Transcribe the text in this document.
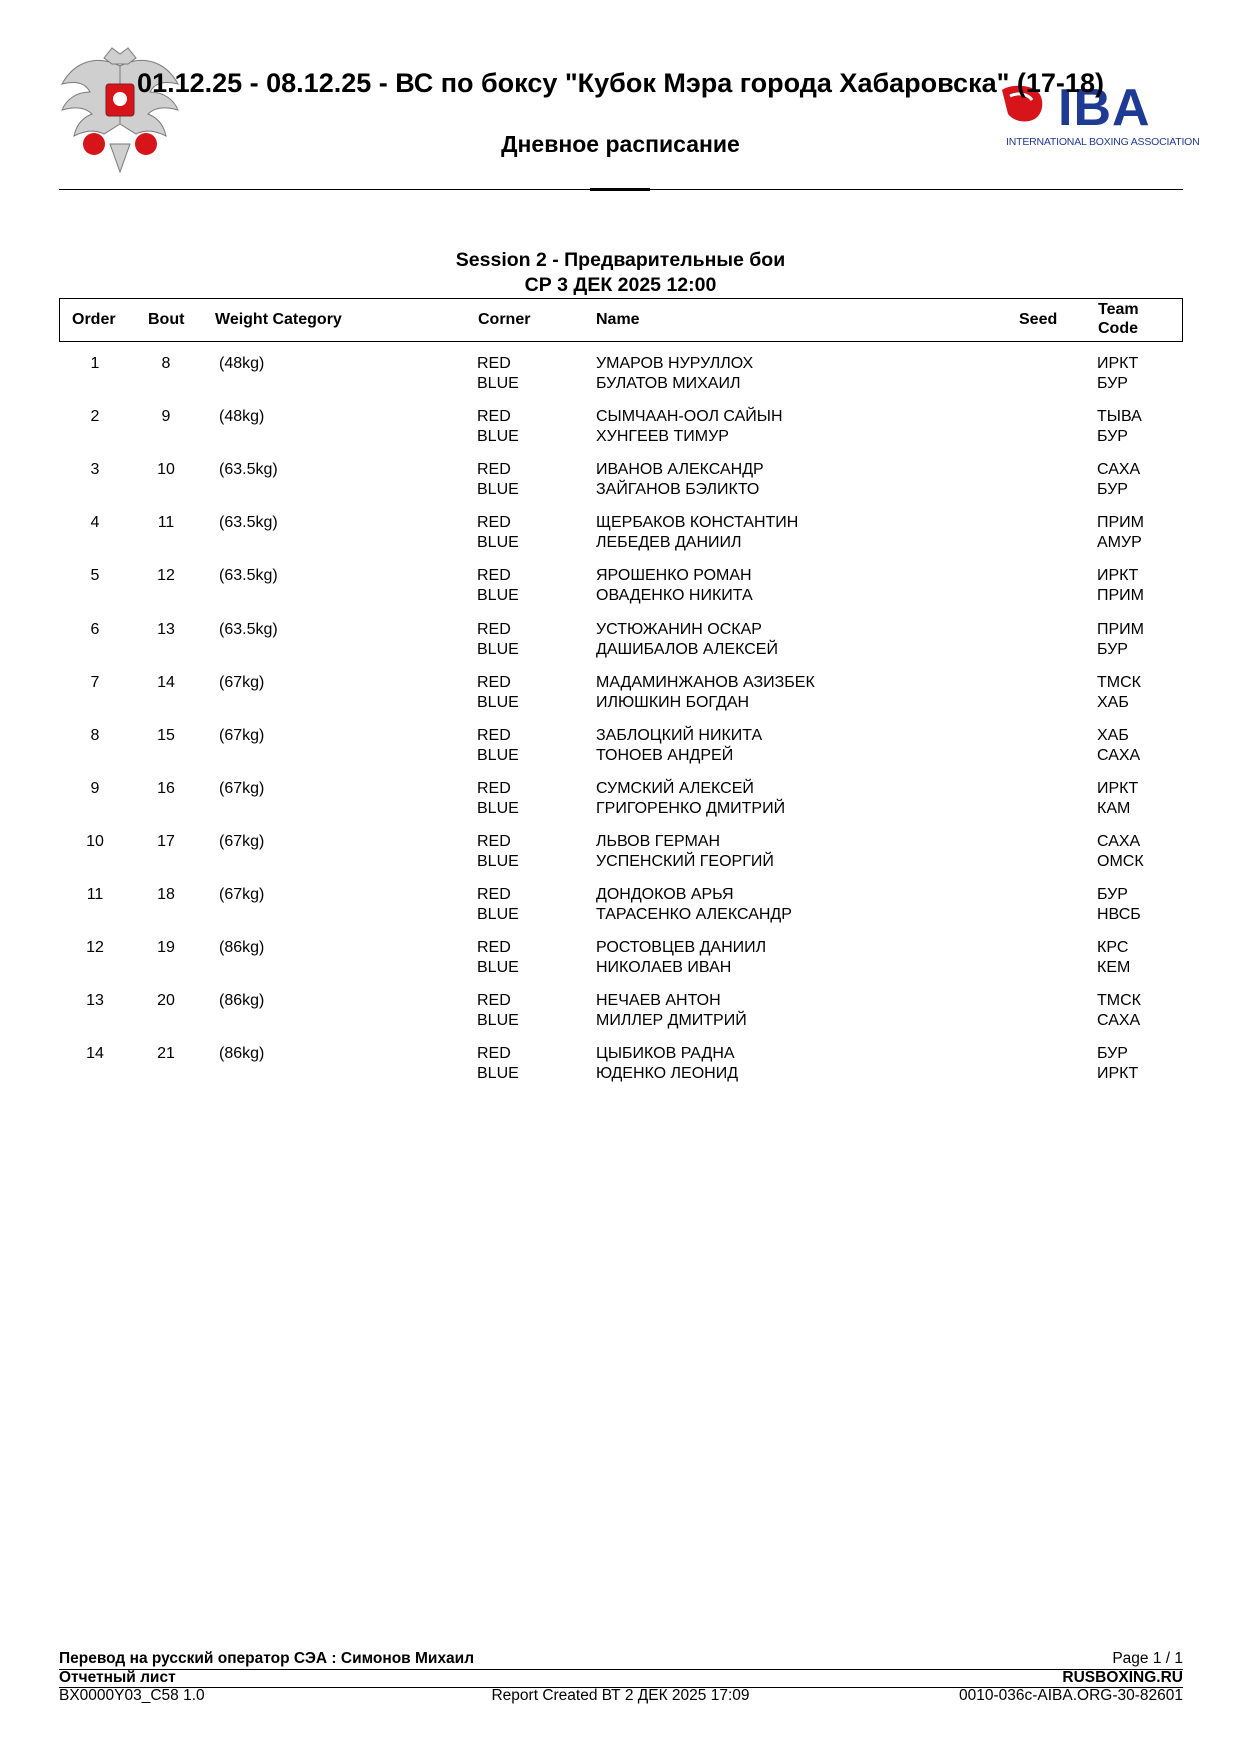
IBA
INTERNATIONAL BOXING ASSOCIATION
01.12.25 - 08.12.25 - ВС по боксу "Кубок Мэра города Хабаровска" (17-18)
Дневное расписание
Session 2 - Предварительные бои
СР 3 ДЕК 2025 12:00
Order Bout Weight Category	Corner	Name	Seed
Team
Code
1	8	(48kg)	RED	УМАРОВ НУРУЛЛОХ	ИРКТ
BLUE	БУЛАТОВ МИХАИЛ	БУР
2	9	(48kg)	RED	СЫМЧААН-ООЛ САЙЫН	ТЫВА
BLUE	ХУНГЕЕВ ТИМУР	БУР
3	10	(63.5kg)	RED	ИВАНОВ АЛЕКСАНДР	САХА
BLUE	ЗАЙГАНОВ БЭЛИКТО	БУР
4	11	(63.5kg)	RED	ЩЕРБАКОВ КОНСТАНТИН	ПРИМ
BLUE	ЛЕБЕДЕВ ДАНИИЛ	АМУР
5	12	(63.5kg)	RED	ЯРОШЕНКО РОМАН	ИРКТ
BLUE	ОВАДЕНКО НИКИТА	ПРИМ
6	13	(63.5kg)	RED	УСТЮЖАНИН ОСКАР	ПРИМ
BLUE	ДАШИБАЛОВ АЛЕКСЕЙ	БУР
7	14	(67kg)	RED	МАДАМИНЖАНОВ АЗИЗБЕК	ТМСК
BLUE	ИЛЮШКИН БОГДАН	ХАБ
8	15	(67kg)	RED	ЗАБЛОЦКИЙ НИКИТА	ХАБ
BLUE	ТОНОЕВ АНДРЕЙ	САХА
9	16	(67kg)	RED	СУМСКИЙ АЛЕКСЕЙ	ИРКТ
BLUE	ГРИГОРЕНКО ДМИТРИЙ	КАМ
10	17	(67kg)	RED	ЛЬВОВ ГЕРМАН	САХА
BLUE	УСПЕНСКИЙ ГЕОРГИЙ	ОМСК
11	18	(67kg)	RED	ДОНДОКОВ АРЬЯ	БУР
BLUE	ТАРАСЕНКО АЛЕКСАНДР	НВСБ
12	19	(86kg)	RED	РОСТОВЦЕВ ДАНИИЛ	КРС
BLUE	НИКОЛАЕВ ИВАН	КЕМ
13	20	(86kg)	RED	НЕЧАЕВ АНТОН	ТМСК
BLUE	МИЛЛЕР ДМИТРИЙ	САХА
14	21	(86kg)	RED	ЦЫБИКОВ РАДНА	БУР
BLUE	ЮДЕНКО ЛЕОНИД	ИРКТ
Перевод на русский оператор СЭА : Симонов Михаил	Page 1 / 1
Отчетный лист	RUSBOXING.RU
BX0000Y03_C58 1.0	Report Created ВТ 2 ДЕК 2025 17:09	0010-036c-AIBA.ORG-30-82601
